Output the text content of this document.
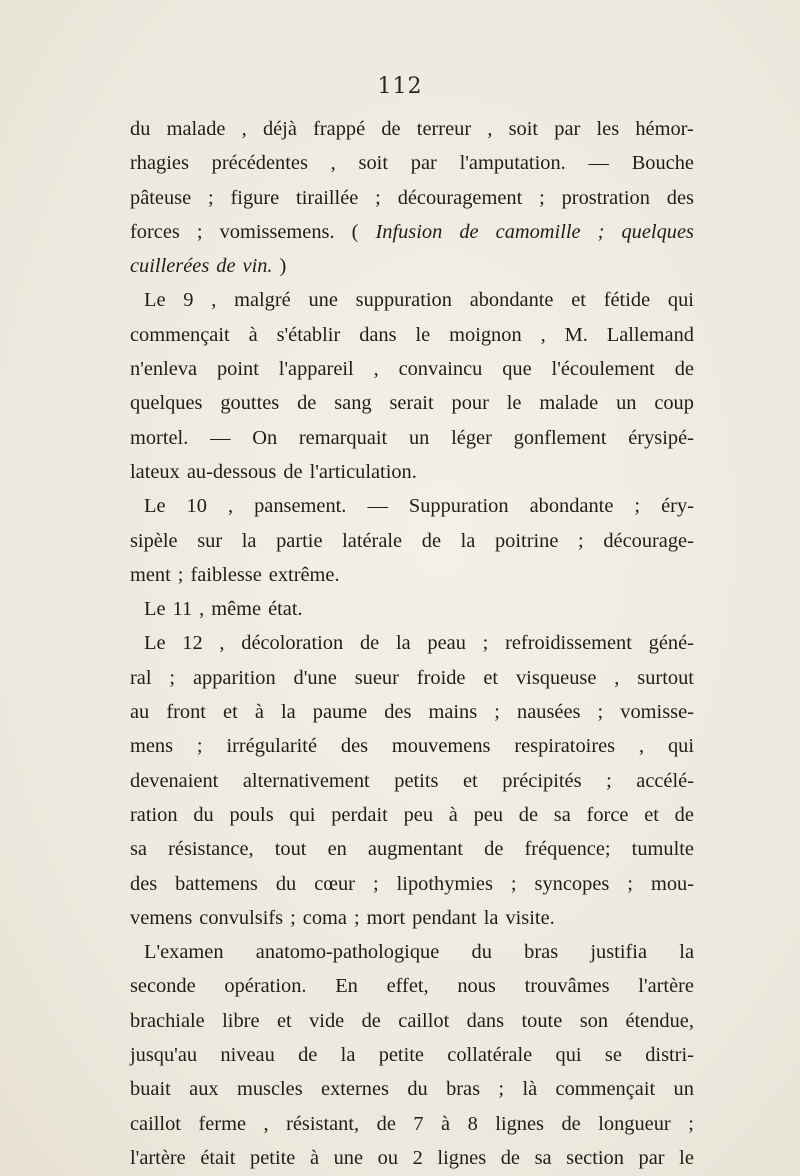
112
du malade , déjà frappé de terreur , soit par les hémor-
rhagies précédentes , soit par l'amputation. — Bouche
pâteuse ; figure tiraillée ; découragement ; prostration des
forces ; vomissemens. ( Infusion de camomille ; quelques
cuillerées de vin. )
Le 9 , malgré une suppuration abondante et fétide qui
commençait à s'établir dans le moignon , M. Lallemand
n'enleva point l'appareil , convaincu que l'écoulement de
quelques gouttes de sang serait pour le malade un coup
mortel. — On remarquait un léger gonflement érysipé-
lateux au-dessous de l'articulation.
Le 10 , pansement. — Suppuration abondante ; éry-
sipèle sur la partie latérale de la poitrine ; décourage-
ment ; faiblesse extrême.
Le 11 , même état.
Le 12 , décoloration de la peau ; refroidissement géné-
ral ; apparition d'une sueur froide et visqueuse , surtout
au front et à la paume des mains ; nausées ; vomisse-
mens ; irrégularité des mouvemens respiratoires , qui
devenaient alternativement petits et précipités ; accélé-
ration du pouls qui perdait peu à peu de sa force et de
sa résistance, tout en augmentant de fréquence; tumulte
des battemens du cœur ; lipothymies ; syncopes ; mou-
vemens convulsifs ; coma ; mort pendant la visite.
L'examen anatomo-pathologique du bras justifia la
seconde opération. En effet, nous trouvâmes l'artère
brachiale libre et vide de caillot dans toute son étendue,
jusqu'au niveau de la petite collatérale qui se distri-
buait aux muscles externes du bras ; là commençait un
caillot ferme , résistant, de 7 à 8 lignes de longueur ;
l'artère était petite à une ou 2 lignes de sa section par le
